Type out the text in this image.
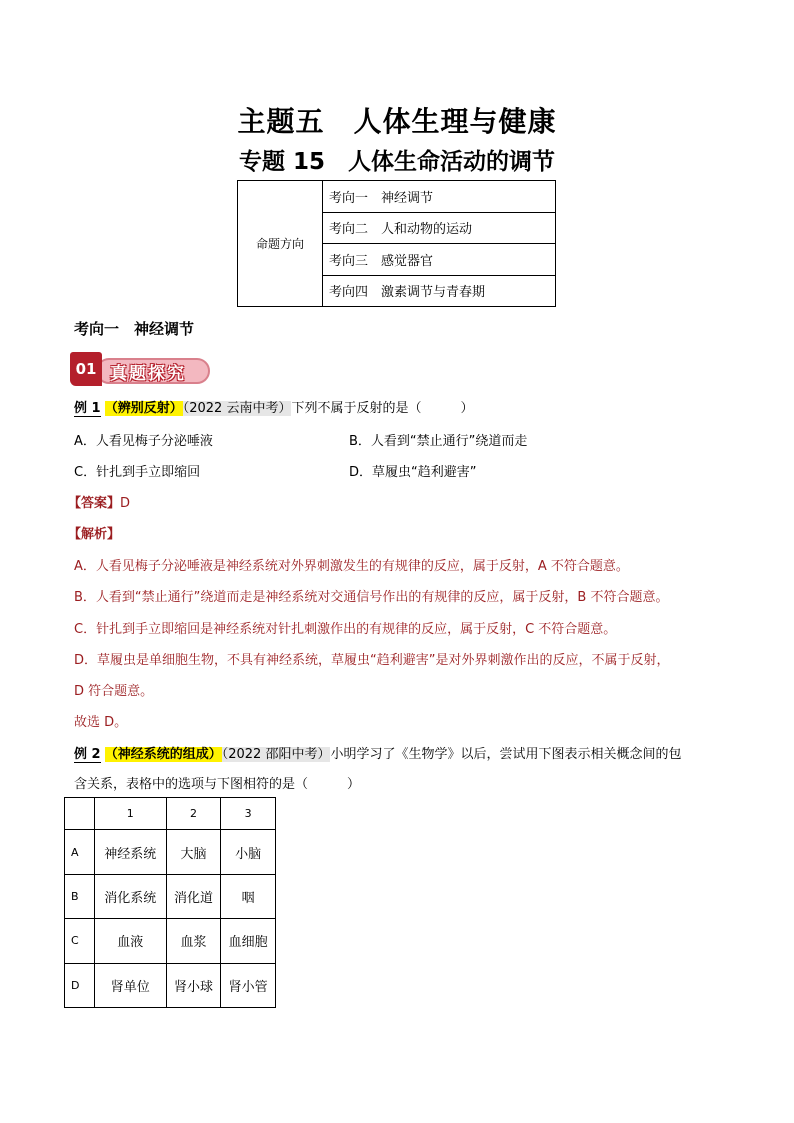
主题五　人体生理与健康
专题 15　人体生命活动的调节
命题方向	考向一　 神经调节
考向二　 人和动物的运动
考向三　 感觉器官
考向四　 激素调节与青春期
考向一　 神经调节
真题探究
01
例 1 （辨别反射）（2022 云南中考）下列不属于反射的是（　　　）
A．人看见梅子分泌唾液	B．人看到“禁止通行”绕道而走
C．针扎到手立即缩回	D．草履虫“趋利避害”
【答案】D
【解析】
A．人看见梅子分泌唾液是神经系统对外界刺激发生的有规律的反应，属于反射，A 不符合题意。
B．人看到“禁止通行”绕道而走是神经系统对交通信号作出的有规律的反应，属于反射，B 不符合题意。
C．针扎到手立即缩回是神经系统对针扎刺激作出的有规律的反应，属于反射，C 不符合题意。
D．草履虫是单细胞生物，不具有神经系统，草履虫“趋利避害”是对外界刺激作出的反应，不属于反射，
D 符合题意。
故选 D。
例 2 （神经系统的组成）（2022 邵阳中考）小明学习了《生物学》以后，尝试用下图表示相关概念间的包
含关系，表格中的选项与下图相符的是（　　　）
	1	2	3
A	神经系统	大脑	小脑
B	消化系统	消化道	咽
C	血液	血浆	血细胞
D	肾单位	肾小球	肾小管
